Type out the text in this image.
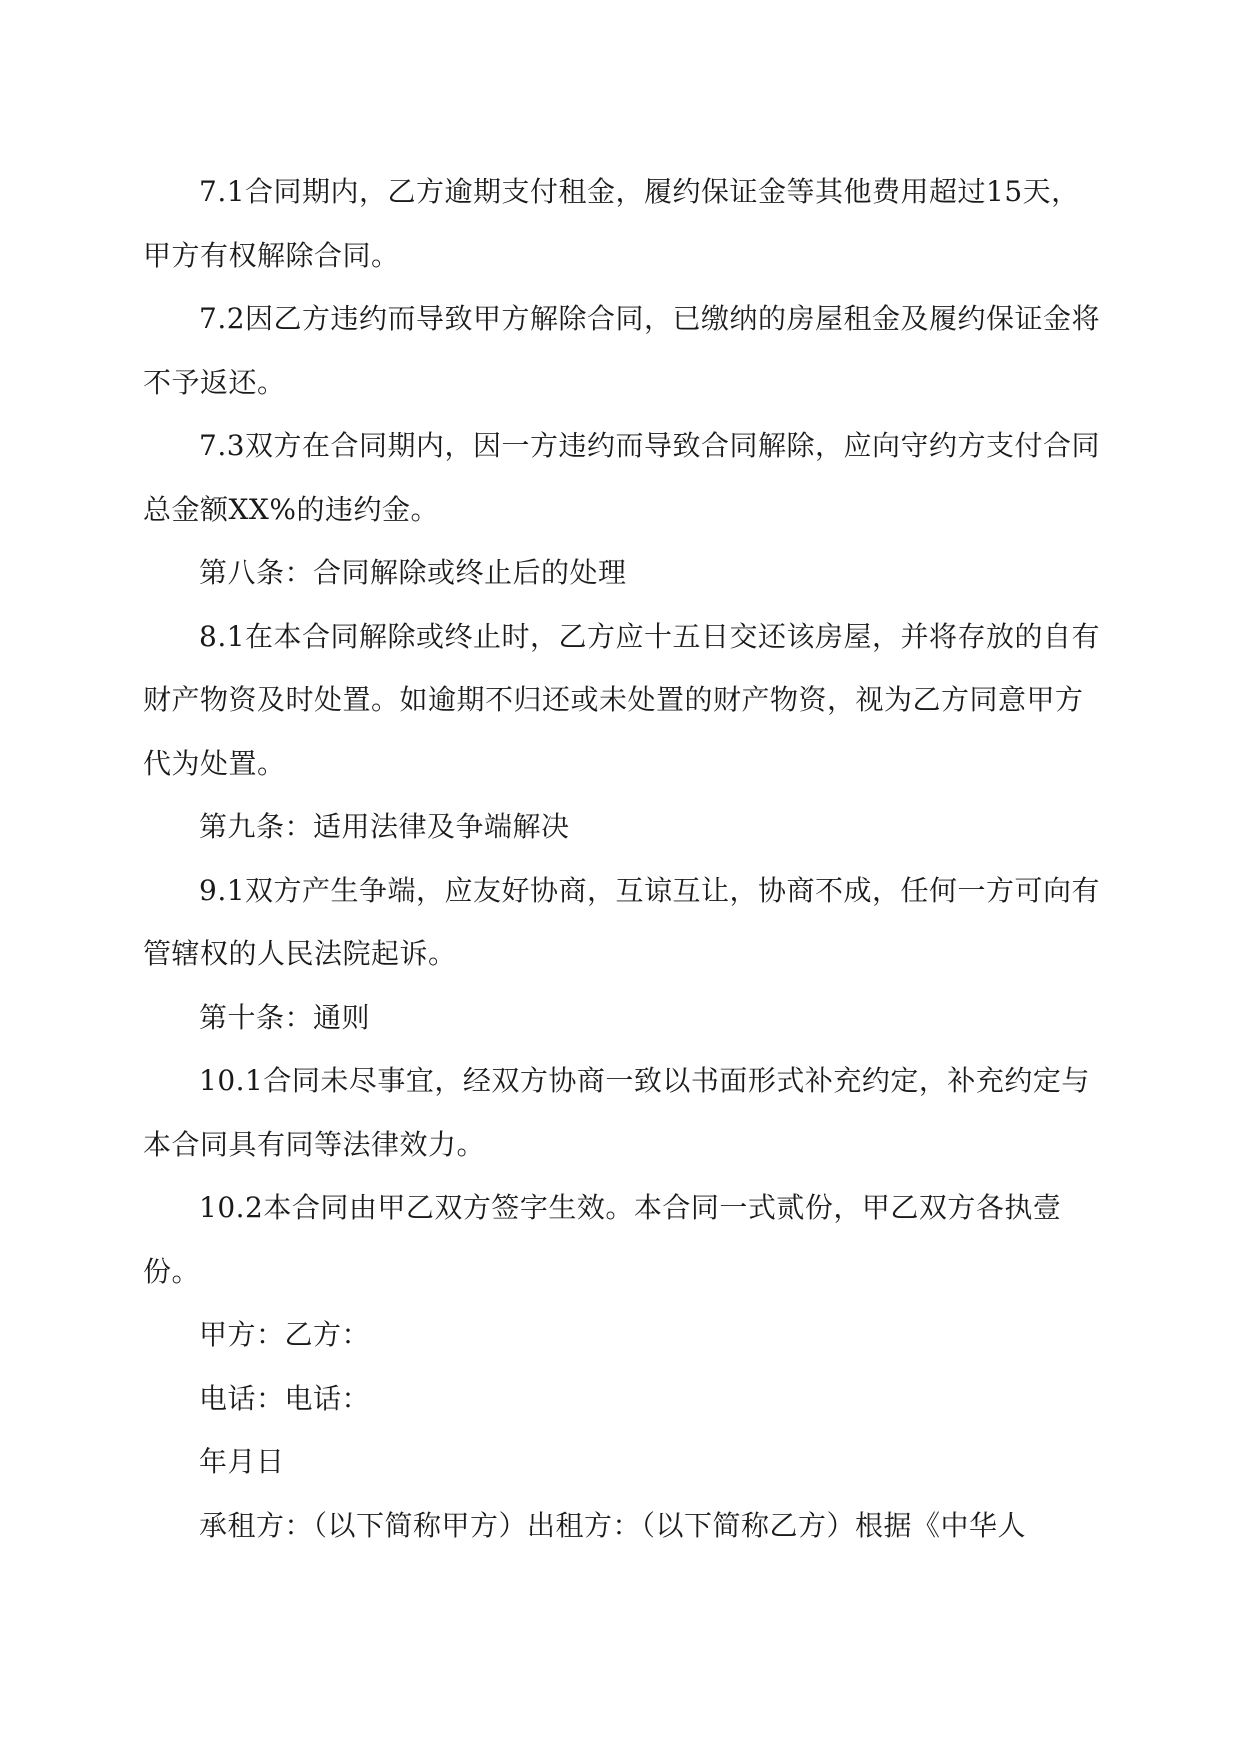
7.1合同期内，乙方逾期支付租金，履约保证金等其他费用超过15天，甲方有权解除合同。

7.2因乙方违约而导致甲方解除合同，已缴纳的房屋租金及履约保证金将不予返还。

7.3双方在合同期内，因一方违约而导致合同解除，应向守约方支付合同总金额XX%的违约金。

第八条：合同解除或终止后的处理

8.1在本合同解除或终止时，乙方应十五日交还该房屋，并将存放的自有财产物资及时处置。如逾期不归还或未处置的财产物资，视为乙方同意甲方代为处置。

第九条：适用法律及争端解决

9.1双方产生争端，应友好协商，互谅互让，协商不成，任何一方可向有管辖权的人民法院起诉。

第十条：通则

10.1合同未尽事宜，经双方协商一致以书面形式补充约定，补充约定与本合同具有同等法律效力。

10.2本合同由甲乙双方签字生效。本合同一式贰份，甲乙双方各执壹份。

甲方：乙方：

电话：电话：

年月日

承租方：（以下简称甲方）出租方：（以下简称乙方）根据《中华人
